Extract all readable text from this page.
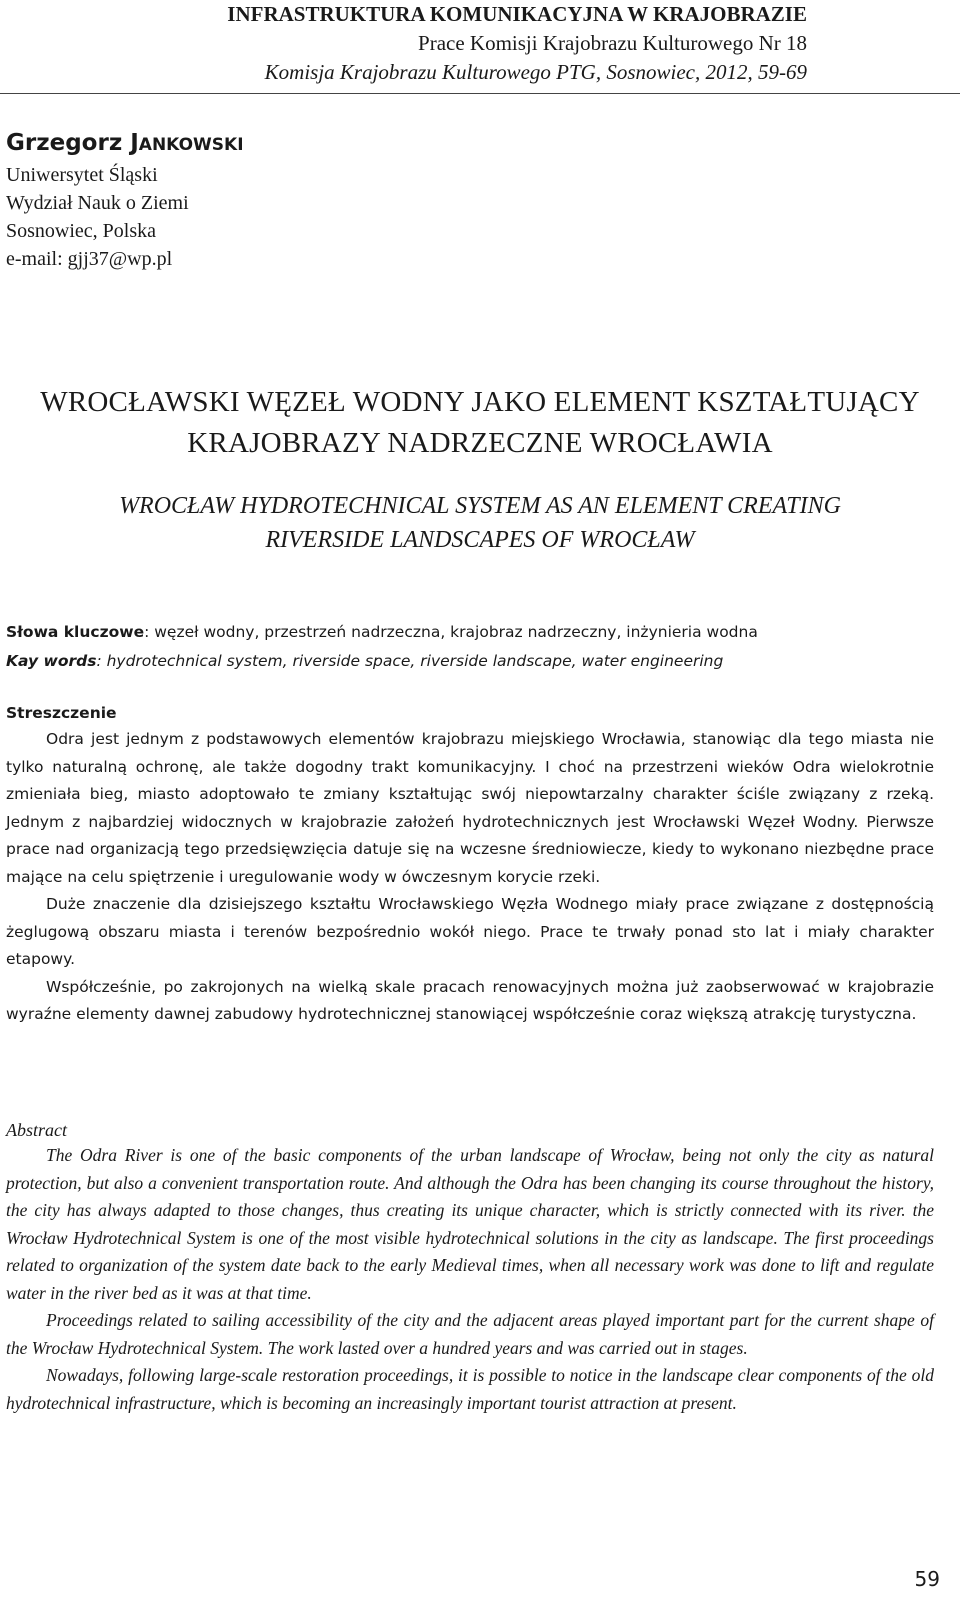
INFRASTRUKTURA KOMUNIKACYJNA W KRAJOBRAZIE
Prace Komisji Krajobrazu Kulturowego Nr 18
Komisja Krajobrazu Kulturowego PTG, Sosnowiec, 2012, 59-69
Grzegorz JANKOWSKI
Uniwersytet Śląski
Wydział Nauk o Ziemi
Sosnowiec, Polska
e-mail: gjj37@wp.pl
WROCŁAWSKI WĘZEŁ WODNY JAKO ELEMENT KSZTAŁTUJĄCY
KRAJOBRAZY NADRZECZNE WROCŁAWIA
WROCŁAW HYDROTECHNICAL SYSTEM AS AN ELEMENT CREATING
RIVERSIDE LANDSCAPES OF WROCŁAW
Słowa kluczowe: węzeł wodny, przestrzeń nadrzeczna, krajobraz nadrzeczny, inżynieria wodna
Kay words: hydrotechnical system, riverside space, riverside landscape, water engineering
Streszczenie

Odra jest jednym z podstawowych elementów krajobrazu miejskiego Wrocławia, stanowiąc dla tego miasta nie tylko naturalną ochronę, ale także dogodny trakt komunikacyjny. I choć na przestrzeni wieków Odra wielokrotnie zmieniała bieg, miasto adoptowało te zmiany kształtując swój niepowtarzalny charakter ściśle związany z rzeką. Jednym z najbardziej widocznych w krajobrazie założeń hydrotechnicznych jest Wrocławski Węzeł Wodny. Pierwsze prace nad organizacją tego przedsięwzięcia datuje się na wczesne średniowiecze, kiedy to wykonano niezbędne prace mające na celu spiętrzenie i uregulowanie wody w ówczesnym korycie rzeki.

Duże znaczenie dla dzisiejszego kształtu Wrocławskiego Węzła Wodnego miały prace związane z dostępnością żeglugową obszaru miasta i terenów bezpośrednio wokół niego. Prace te trwały ponad sto lat i miały charakter etapowy.

Współcześnie, po zakrojonych na wielką skale pracach renowacyjnych można już zaobserwować w krajobrazie wyraźne elementy dawnej zabudowy hydrotechnicznej stanowiącej współcześnie coraz większą atrakcję turystyczna.

Abstract

The Odra River is one of the basic components of the urban landscape of Wrocław, being not only the city as natural protection, but also a convenient transportation route. And although the Odra has been changing its course throughout the history, the city has always adapted to those changes, thus creating its unique character, which is strictly connected with its river. the Wrocław Hydrotechnical System is one of the most visible hydrotechnical solutions in the city as landscape. The first proceedings related to organization of the system date back to the early Medieval times, when all necessary work was done to lift and regulate water in the river bed as it was at that time.

Proceedings related to sailing accessibility of the city and the adjacent areas played important part for the current shape of the Wrocław Hydrotechnical System. The work lasted over a hundred years and was carried out in stages.

Nowadays, following large-scale restoration proceedings, it is possible to notice in the landscape clear components of the old hydrotechnical infrastructure, which is becoming an increasingly important tourist attraction at present.

59
